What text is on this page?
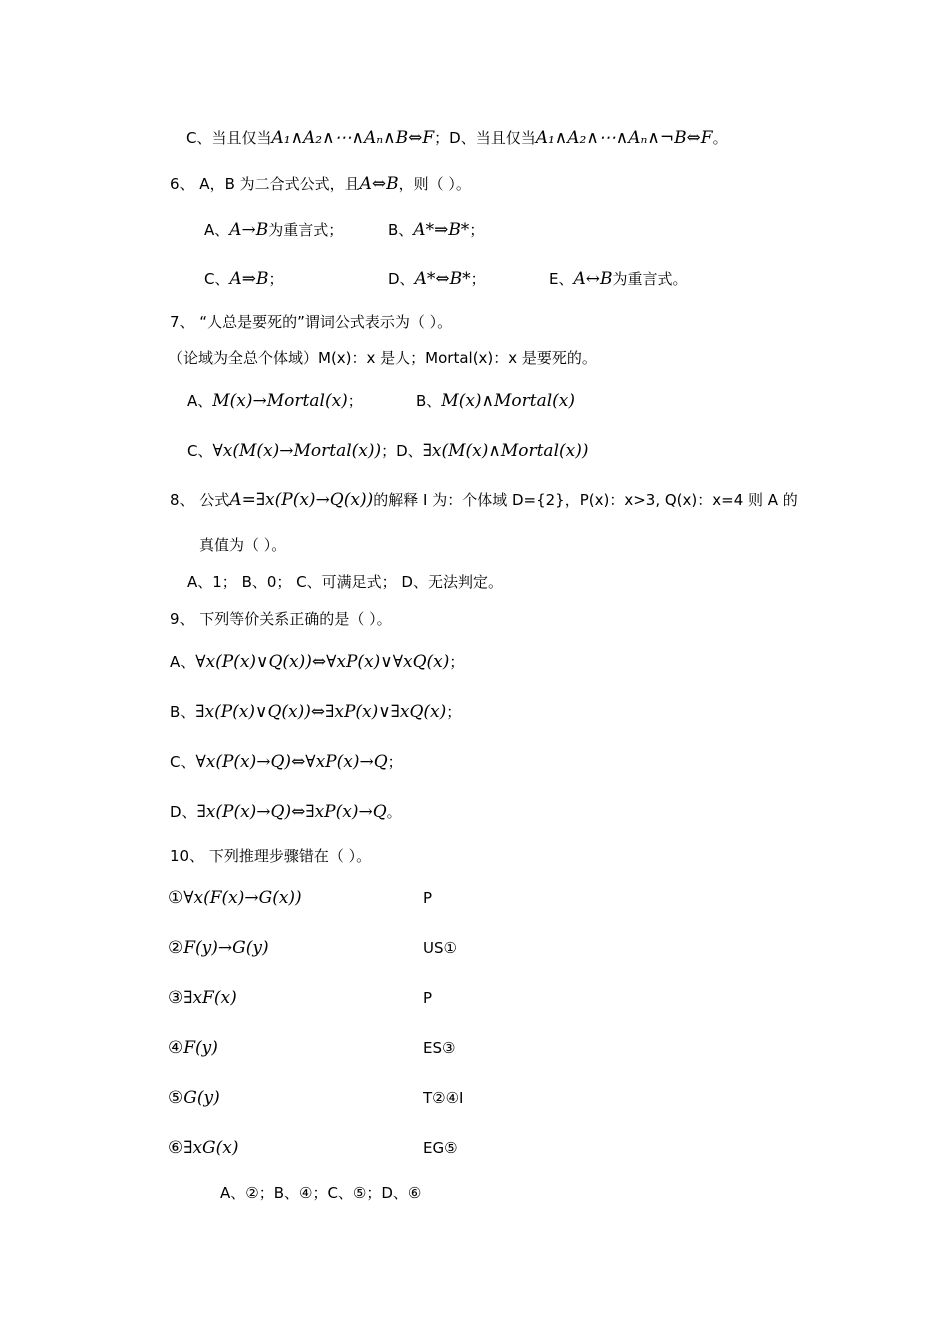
C、当且仅当A₁∧A₂∧⋯∧Aₙ∧B⇔F；D、当且仅当A₁∧A₂∧⋯∧Aₙ∧¬B⇔F。
6、 A，B 为二合式公式，且A⇔B，则（ ）。
A、A→B为重言式；	B、A*⇒B*；
C、A⇒B；	D、A*⇔B*；	E、A↔B为重言式。
7、 “人总是要死的”谓词公式表示为（ ）。
（论域为全总个体域）M(x)：x 是人；Mortal(x)：x 是要死的。
A、M(x)→Mortal(x)；	B、M(x)∧Mortal(x)
C、∀x(M(x)→Mortal(x))；D、∃x(M(x)∧Mortal(x))
8、 公式A=∃x(P(x)→Q(x))的解释 I 为：个体域 D={2}，P(x)：x>3, Q(x)：x=4 则 A 的
真值为（ ）。
A、1； B、0； C、可满足式； D、无法判定。
9、 下列等价关系正确的是（ ）。
A、∀x(P(x)∨Q(x))⇔∀xP(x)∨∀xQ(x)；
B、∃x(P(x)∨Q(x))⇔∃xP(x)∨∃xQ(x)；
C、∀x(P(x)→Q)⇔∀xP(x)→Q；
D、∃x(P(x)→Q)⇔∃xP(x)→Q。
10、 下列推理步骤错在（ ）。
①∀x(F(x)→G(x))	P
②F(y)→G(y)	US①
③∃xF(x)	P
④F(y)	ES③
⑤G(y)	T②④I
⑥∃xG(x)	EG⑤
A、②；B、④；C、⑤；D、⑥
